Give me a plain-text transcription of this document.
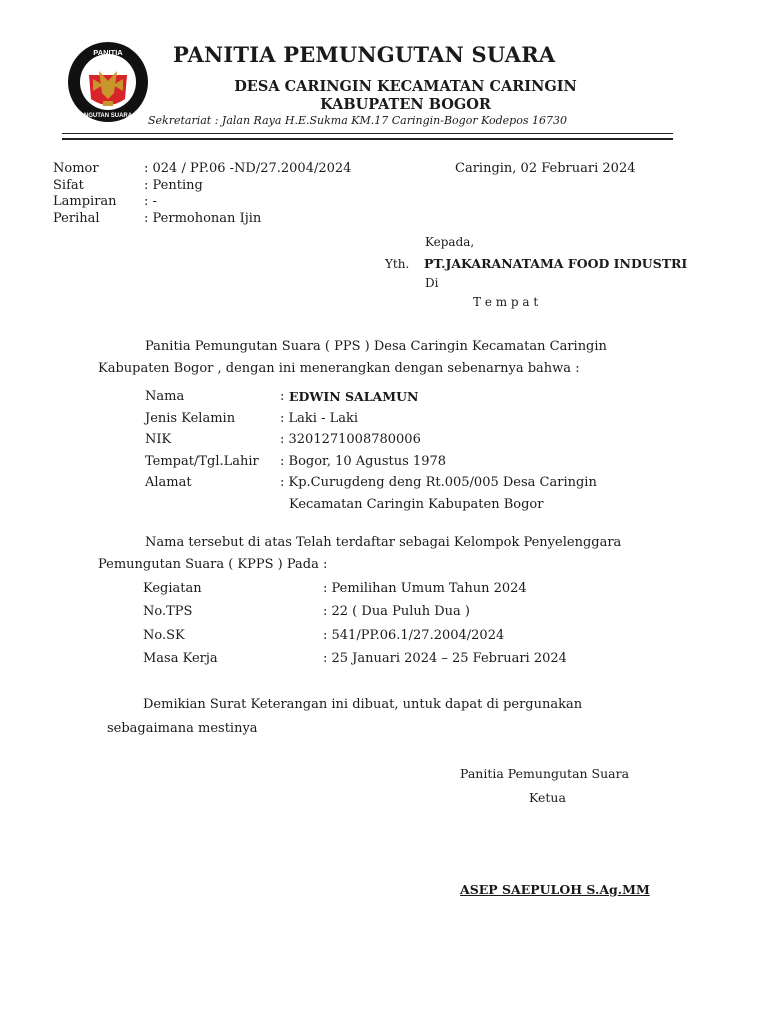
PANITIA
NGUTAN SUARA
PANITIA PEMUNGUTAN SUARA
DESA CARINGIN KECAMATAN CARINGIN
KABUPATEN BOGOR
Sekretariat : Jalan Raya H.E.Sukma KM.17 Caringin-Bogor Kodepos 16730
Nomor	: 024 / PP.06 -ND/27.2004/2024	Caringin, 02 Februari 2024
Sifat	: Penting
Lampiran : -
Perihal	: Permohonan Ijin
Kepada,
Yth. PT.JAKARANATAMA FOOD INDUSTRI
Di
T e m p a t
Panitia Pemungutan Suara ( PPS ) Desa Caringin Kecamatan Caringin
Kabupaten Bogor , dengan ini menerangkan dengan sebenarnya bahwa :
Nama	: EDWIN SALAMUN
Jenis Kelamin	: Laki - Laki
NIK	: 3201271008780006
Tempat/Tgl.Lahir : Bogor, 10 Agustus 1978
Alamat	: Kp.Curugdeng deng Rt.005/005 Desa Caringin
Kecamatan Caringin Kabupaten Bogor
Nama tersebut di atas Telah terdaftar sebagai Kelompok Penyelenggara
Pemungutan Suara ( KPPS ) Pada :
Kegiatan	: Pemilihan Umum Tahun 2024
No.TPS	: 22 ( Dua Puluh Dua )
No.SK	: 541/PP.06.1/27.2004/2024
Masa Kerja	: 25 Januari 2024 – 25 Februari 2024
Demikian Surat Keterangan ini dibuat, untuk dapat di pergunakan
sebagaimana mestinya
Panitia Pemungutan Suara
Ketua
ASEP SAEPULOH S.Ag.MM
